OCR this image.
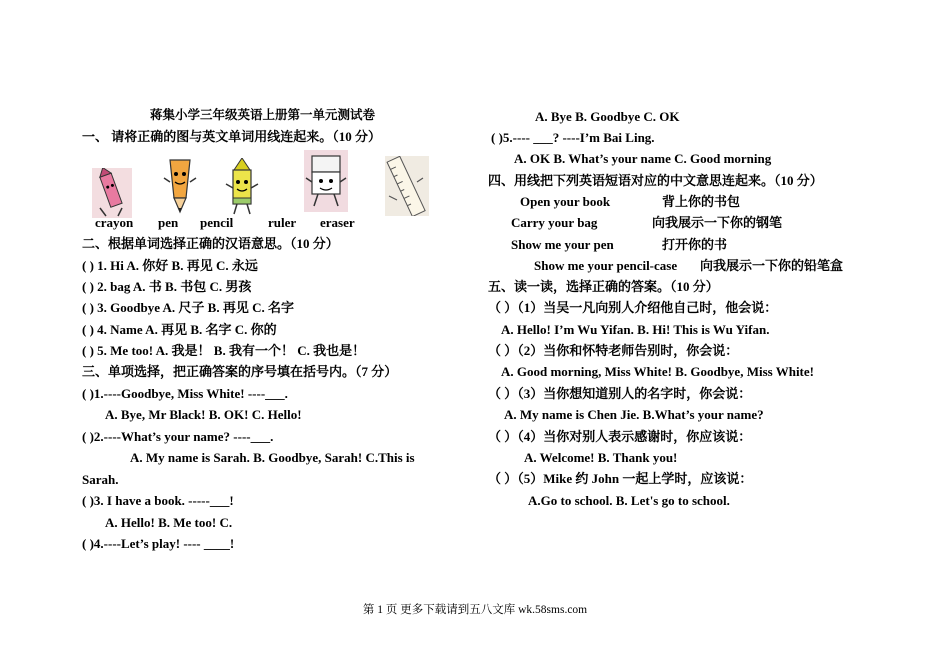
蒋集小学三年级英语上册第一单元测试卷
一、 请将正确的图与英文单词用线连起来。（10 分）
crayon pen pencil	ruler eraser
二、根据单词选择正确的汉语意思。（10 分）
( ) 1. Hi A. 你好 B. 再见 C. 永远
( ) 2. bag A. 书 B. 书包 C. 男孩
( ) 3. Goodbye A. 尺子 B. 再见 C. 名字
( ) 4. Name A. 再见 B. 名字 C. 你的
( ) 5. Me too! A. 我是！ B. 我有一个！ C. 我也是！
三、单项选择，把正确答案的序号填在括号内。（7 分）
( )1.----Goodbye, Miss White! ----___.
A. Bye, Mr Black! B. OK! C. Hello!
( )2.----What’s your name? ----___.
A. My name is Sarah. B. Goodbye, Sarah! C.This is
Sarah.
( )3. I have a book. -----___!
A. Hello! B. Me too! C.
( )4.----Let’s play! ---- ____!
A. Bye B. Goodbye C. OK
( )5.---- ___? ----I’m Bai Ling.
A. OK B. What’s your name C. Good morning
四、用线把下列英语短语对应的中文意思连起来。（10 分）
Open your book
Carry your bag
Show me your pen
Show me your pencil-case
背上你的书包
向我展示一下你的钢笔
打开你的书
向我展示一下你的铅笔盒
五、读一读，选择正确的答案。（10 分）
（ ）（1）当吴一凡向别人介绍他自己时，他会说：
A. Hello! I’m Wu Yifan. B. Hi! This is Wu Yifan.
（ ）（2）当你和怀特老师告别时，你会说：
A. Good morning, Miss White! B. Goodbye, Miss White!
（ ）（3）当你想知道别人的名字时，你会说：
A. My name is Chen Jie. B.What’s your name?
（ ）（4）当你对别人表示感谢时，你应该说：
A. Welcome! B. Thank you!
（ ）（5）Mike 约 John 一起上学时，应该说：
A.Go to school. B. Let's go to school.
第 1 页 更多下载请到五八文库 wk.58sms.com
